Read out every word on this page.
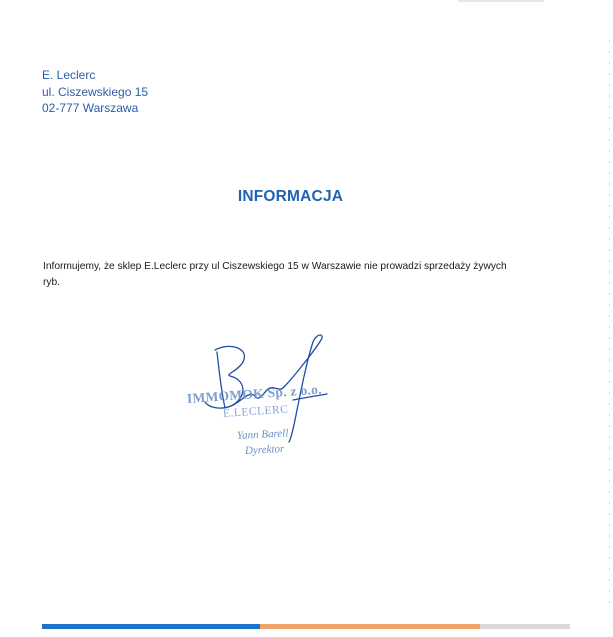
E. Leclerc
ul. Ciszewskiego 15
02-777 Warszawa
INFORMACJA
Informujemy, że sklep E.Leclerc przy ul Ciszewskiego 15 w Warszawie nie prowadzi sprzedaży żywych
ryb.
IMMOMOK Sp. z o.o.
E.LECLERC
Yann Barell
Dyrektor
